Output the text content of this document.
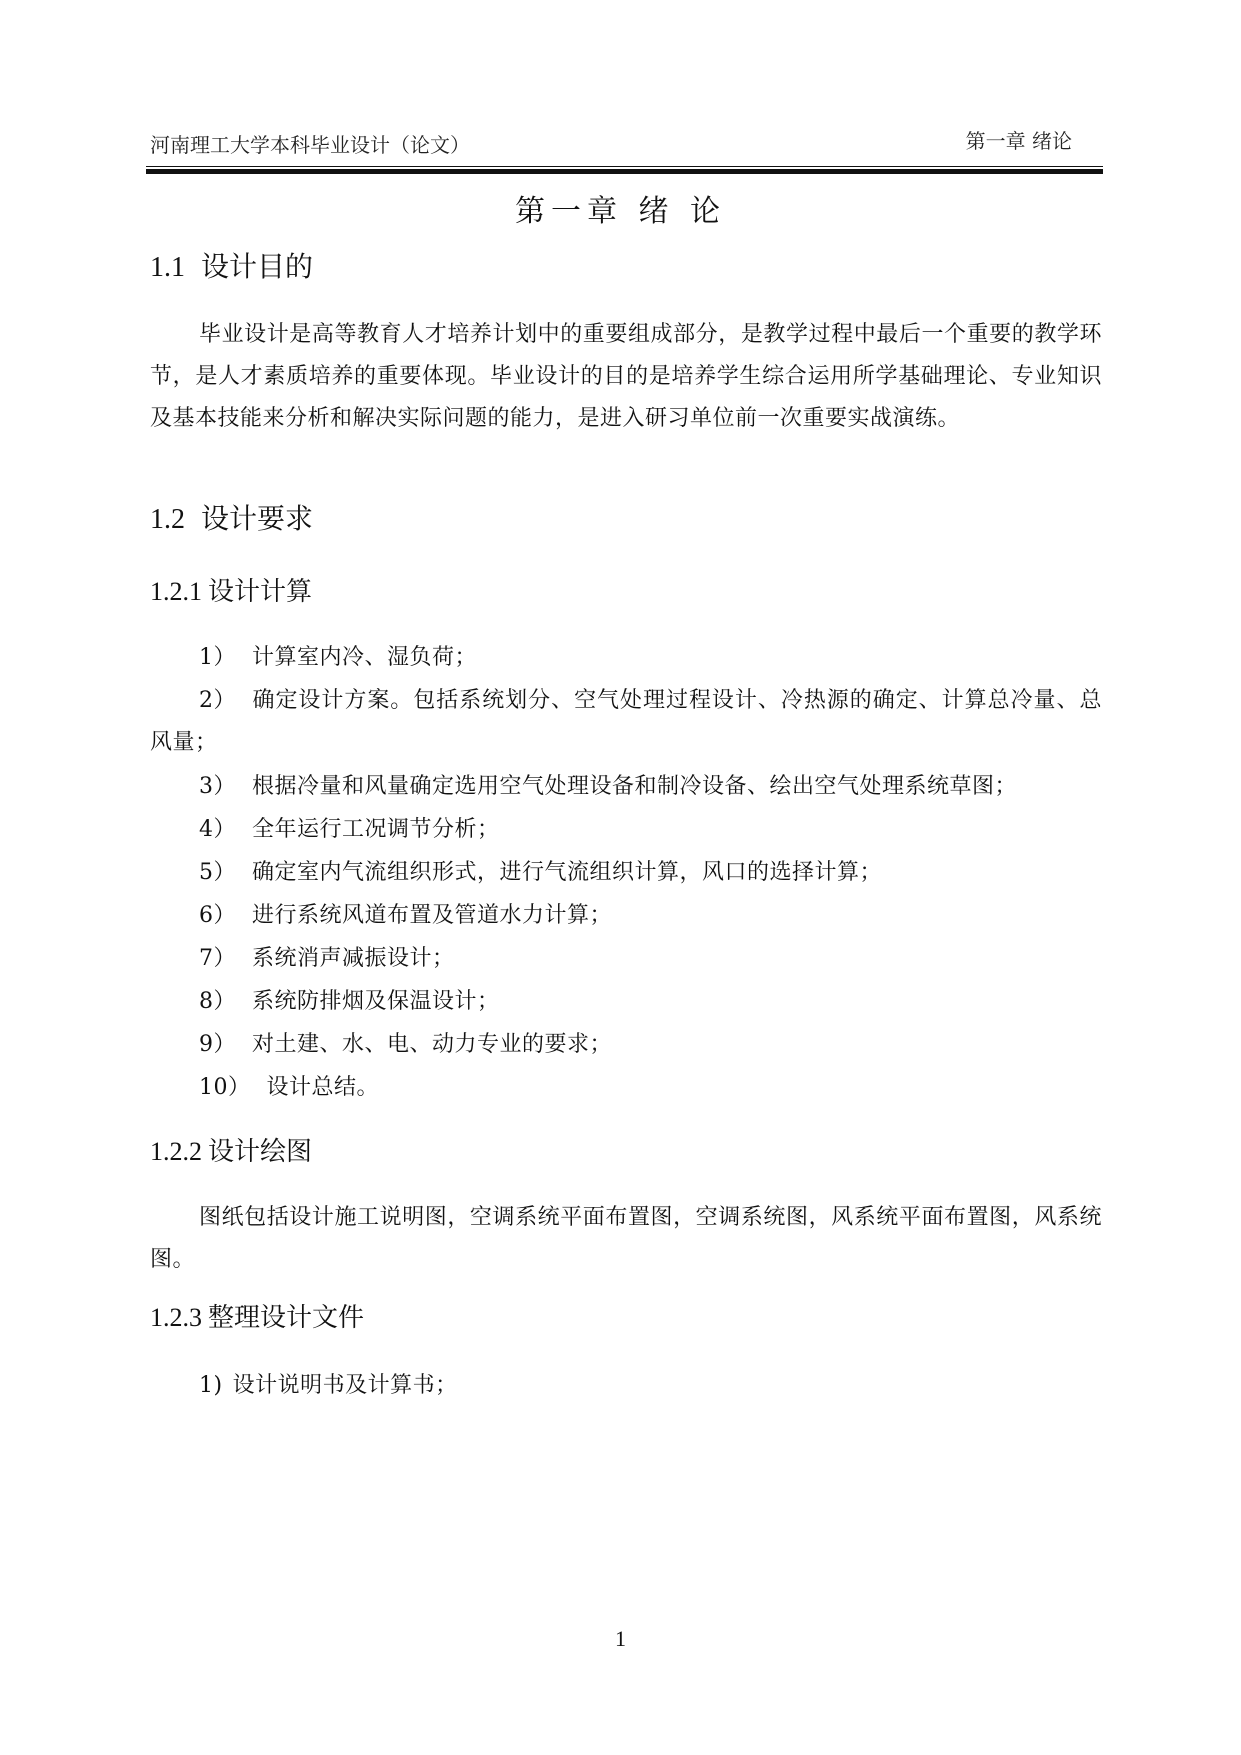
河南理工大学本科毕业设计（论文）	第一章 绪论
第一章 绪 论
1.1 设计目的
毕业设计是高等教育人才培养计划中的重要组成部分，是教学过程中最后一个重要的教学环节，是人才素质培养的重要体现。毕业设计的目的是培养学生综合运用所学基础理论、专业知识及基本技能来分析和解决实际问题的能力，是进入研习单位前一次重要实战演练。
1.2 设计要求
1.2.1 设计计算
1） 计算室内冷、湿负荷；
2） 确定设计方案。包括系统划分、空气处理过程设计、冷热源的确定、计算总冷量、总风量；
3） 根据冷量和风量确定选用空气处理设备和制冷设备、绘出空气处理系统草图；
4） 全年运行工况调节分析；
5） 确定室内气流组织形式，进行气流组织计算，风口的选择计算；
6） 进行系统风道布置及管道水力计算；
7） 系统消声减振设计；
8） 系统防排烟及保温设计；
9） 对土建、水、电、动力专业的要求；
10） 设计总结。
1.2.2 设计绘图
图纸包括设计施工说明图，空调系统平面布置图，空调系统图，风系统平面布置图，风系统图。
1.2.3 整理设计文件
1) 设计说明书及计算书；
1
